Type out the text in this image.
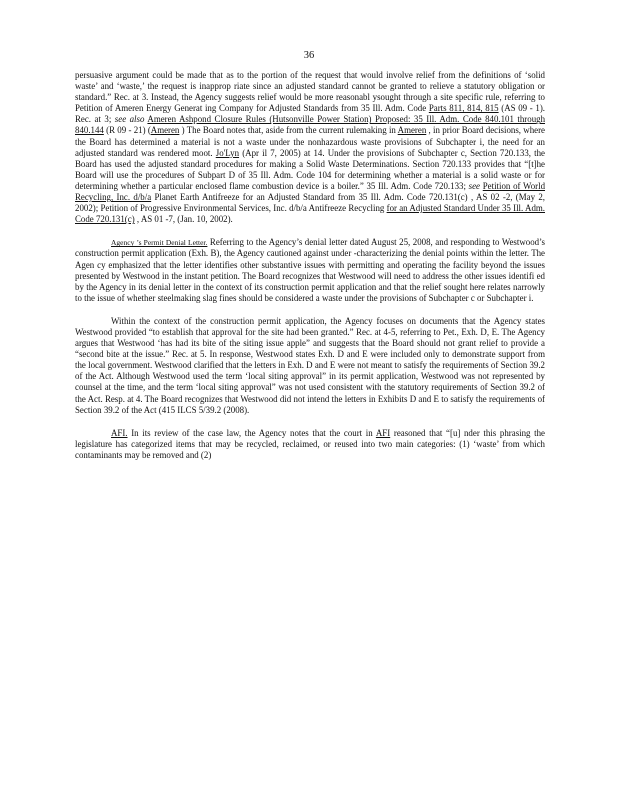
36

persuasive argument could be made that as to the portion of the request that would involve relief from the definitions of ‘solid waste’ and ‘waste,’ the request is inapprop riate since an adjusted standard cannot be granted to relieve a statutory obligation or standard.” Rec. at 3. Instead, the Agency suggests relief would be more reasonabl ysought through a site specific rule, referring to Petition of Ameren Energy Generat ing Company for Adjusted Standards from 35 Ill. Adm. Code Parts 811, 814, 815 (AS 09 - 1). Rec. at 3; see also Ameren Ashpond Closure Rules (Hutsonville Power Station) Proposed: 35 Ill. Adm. Code 840.101 through 840.144 (R 09 - 21) (Ameren ) The Board notes that, aside from the current rulemaking in Ameren , in prior Board decisions, where the Board has determined a material is not a waste under the nonhazardous waste provisions of Subchapter i, the need for an adjusted standard was rendered moot. Jo'Lyn (Apr il 7, 2005) at 14. Under the provisions of Subchapter c, Section 720.133, the Board has used the adjusted standard procedures for making a Solid Waste Determinations. Section 720.133 provides that “[t]he Board will use the procedures of Subpart D of 35 Ill. Adm. Code 104 for determining whether a material is a solid waste or for determining whether a particular enclosed flame combustion device is a boiler.” 35 Ill. Adm. Code 720.133; see Petition of World Recycling, Inc. d/b/a Planet Earth Antifreeze for an Adjusted Standard from 35 Ill. Adm. Code 720.131(c) , AS 02 -2, (May 2, 2002); Petition of Progressive Environmental Services, Inc. d/b/a Antifreeze Recycling for an Adjusted Standard Under 35 Ill. Adm. Code 720.131(c) , AS 01 -7, (Jan. 10, 2002).

Agency ’s Permit Denial Letter. Referring to the Agency’s denial letter dated August 25, 2008, and responding to Westwood’s construction permit application (Exh. B), the Agency cautioned against under -characterizing the denial points within the letter. The Agen cy emphasized that the letter identifies other substantive issues with permitting and operating the facility beyond the issues presented by Westwood in the instant petition. The Board recognizes that Westwood will need to address the other issues identifi ed by the Agency in its denial letter in the context of its construction permit application and that the relief sought here relates narrowly to the issue of whether steelmaking slag fines should be considered a waste under the provisions of Subchapter c or Subchapter i.

Within the context of the construction permit application, the Agency focuses on documents that the Agency states Westwood provided “to establish that approval for the site had been granted.” Rec. at 4-5, referring to Pet., Exh. D, E. The Agency argues that Westwood ‘has had its bite of the siting issue apple” and suggests that the Board should not grant relief to provide a “second bite at the issue.” Rec. at 5. In response, Westwood states Exh. D and E were included only to demonstrate support from the local government. Westwood clarified that the letters in Exh. D and E were not meant to satisfy the requirements of Section 39.2 of the Act. Although Westwood used the term ‘local siting approval” in its permit application, Westwood was not represented by counsel at the time, and the term ‘local siting approval” was not used consistent with the statutory requirements of Section 39.2 of the Act. Resp. at 4. The Board recognizes that Westwood did not intend the letters in Exhibits D and E to satisfy the requirements of Section 39.2 of the Act (415 ILCS 5/39.2 (2008).

AFI. In its review of the case law, the Agency notes that the court in AFI reasoned that “[u] nder this phrasing the legislature has categorized items that may be recycled, reclaimed, or reused into two main categories: (1) ‘waste’ from which contaminants may be removed and (2)
